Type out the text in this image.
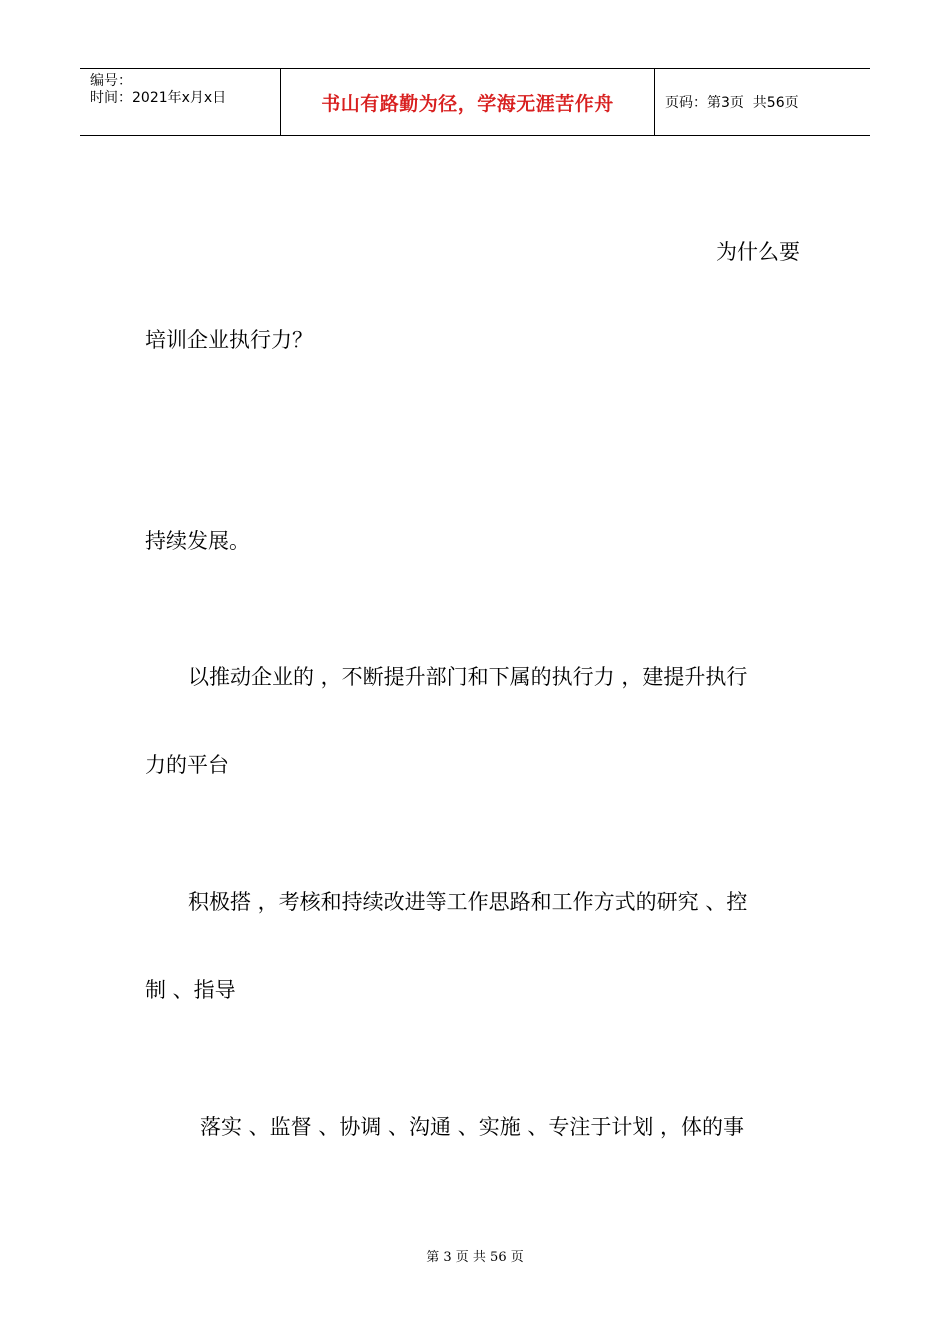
编号：
时间：2021年x月x日	书山有路勤为径，学海无涯苦作舟	页码：第3页  共56页
为什么要
培训企业执行力？
持续发展。
以推动企业的 ，不断提升部门和下属的执行力 ，建提升执行
力的平台
积极搭 ，考核和持续改进等工作思路和工作方式的研究 、控
制 、指导
落实 、监督 、协调 、沟通 、实施 、专注于计划 ，体的事
第 3 页 共 56 页
